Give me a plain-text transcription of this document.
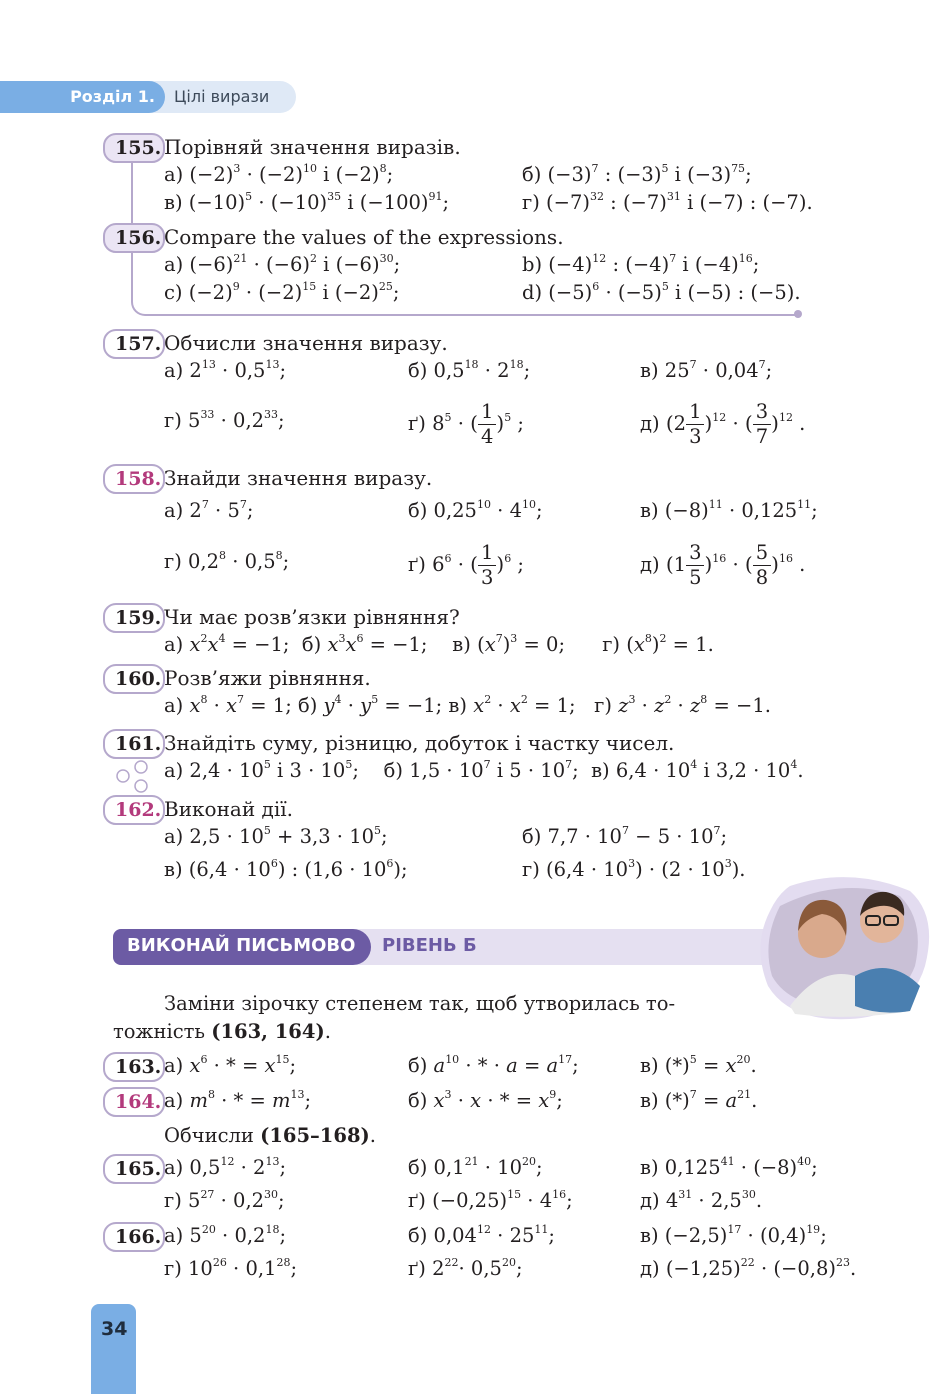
Розділ 1. Цілі вирази
155. Порівняй значення виразів.
а) $(-2)^3 \cdot (-2)^{10}$ і $(-2)^8$;	б) $(-3)^7$ : $(-3)^5$ і $(-3)^{75}$;
в) $(-10)^5 \cdot (-10)^{35}$ і $(-100)^{91}$;	г) $(-7)^{32}$ : $(-7)^{31}$ і (−7) : (−7).
156. Compare the values of the expressions.
a) $(-6)^{21} \cdot (-6)^2$ і $(-6)^{30}$;	b) $(-4)^{12}$ : $(-4)^7$ і $(-4)^{16}$;
c) $(-2)^9 \cdot (-2)^{15}$ і $(-2)^{25}$;	d) $(-5)^6 \cdot (-5)^5$ і (−5) : (−5).
157. Обчисли значення виразу.
а) $2^{13} \cdot 0,5^{13}$;	б) $0,5^{18} \cdot 2^{18}$;	в) $25^7 \cdot 0,04^7$;
г) $5^{33} \cdot 0,2^{33}$;	ґ) $8^5$ · ( $\frac{1}{4} )^5$ ;	д) $(2 \frac{1}{3} )^{12}$ · ( $\frac{3}{7} )^{12}$ .
158. Знайди значення виразу.
а) $2^7 \cdot 5^7$;	б) $0,25^{10} \cdot 4^{10}$;	в) $(-8)^{11} \cdot 0,125^{11}$;
г) $0,2^8 \cdot 0,5^8$;	ґ) $6^6$ · ( $\frac{1}{3} )^6$ ;	д) $(1 \frac{3}{5} )^{16}$ · ( $\frac{5}{8} )^{16}$ .
159. Чи має розв’язки рівняння?
а) $x^2x^4 = -1$;  б) $x^3x^6 = -1$;    в) $(x^7)^3 = 0$;      г) $(x^8)^2 = 1$.
160. Розв’яжи рівняння.
а) $x^8 \cdot x^7 = 1$; б) $y^4 \cdot y^5 = -1$; в) $x^2 \cdot x^2 = 1$;   г) $z^3 \cdot z^2 \cdot z^8 = -1$.
161. Знайдіть суму, різницю, добуток і частку чисел.
а) $2,4 \cdot 10^5$ і $3 \cdot 10^5$;    б) $1,5 \cdot 10^7$ і $5 \cdot 10^7$;  в) $6,4 \cdot 10^4$ і $3,2 \cdot 10^4$.
162. Виконай дії.
а) $2,5 \cdot 10^5 + 3,3 \cdot 10^5$;	б) $7,7 \cdot 10^7 - 5 \cdot 10^7$;
в) $(6,4 \cdot 10^6)$ : $(1,6 \cdot 10^6)$;	г) $(6,4 \cdot 10^3) \cdot (2 \cdot 10^3)$.
ВИКОНАЙ ПИСЬМОВО РІВЕНЬ Б
Заміни зірочку степенем так, щоб утворилась то-
тожність (163, 164).
163. а) $x^6$ · * = $x^{15}$;	б) $a^{10}$ · * · $a = a^{17}$;	в) $(*)^5 = x^{20}$.
164. а) $m^8$ · * = $m^{13}$;	б) $x^3 \cdot x$ · * = $x^9$;	в) $(*)^7 = a^{21}$.
Обчисли (165–168).
165. а) $0,5^{12} \cdot 2^{13}$;	б) $0,1^{21} \cdot 10^{20}$;	в) $0,125^{41} \cdot (-8)^{40}$;
г) $5^{27} \cdot 0,2^{30}$;	ґ) $(-0,25)^{15} \cdot 4^{16}$;	д) $4^{31} \cdot 2,5^{30}$.
166. а) $5^{20} \cdot 0,2^{18}$;	б) $0,04^{12} \cdot 25^{11}$;	в) $(-2,5)^{17} \cdot (0,4)^{19}$;
г) $10^{26} \cdot 0,1^{28}$;	ґ) $2^{22}\cdot 0,5^{20}$;	д) $(-1,25)^{22} \cdot (-0,8)^{23}$.
34
